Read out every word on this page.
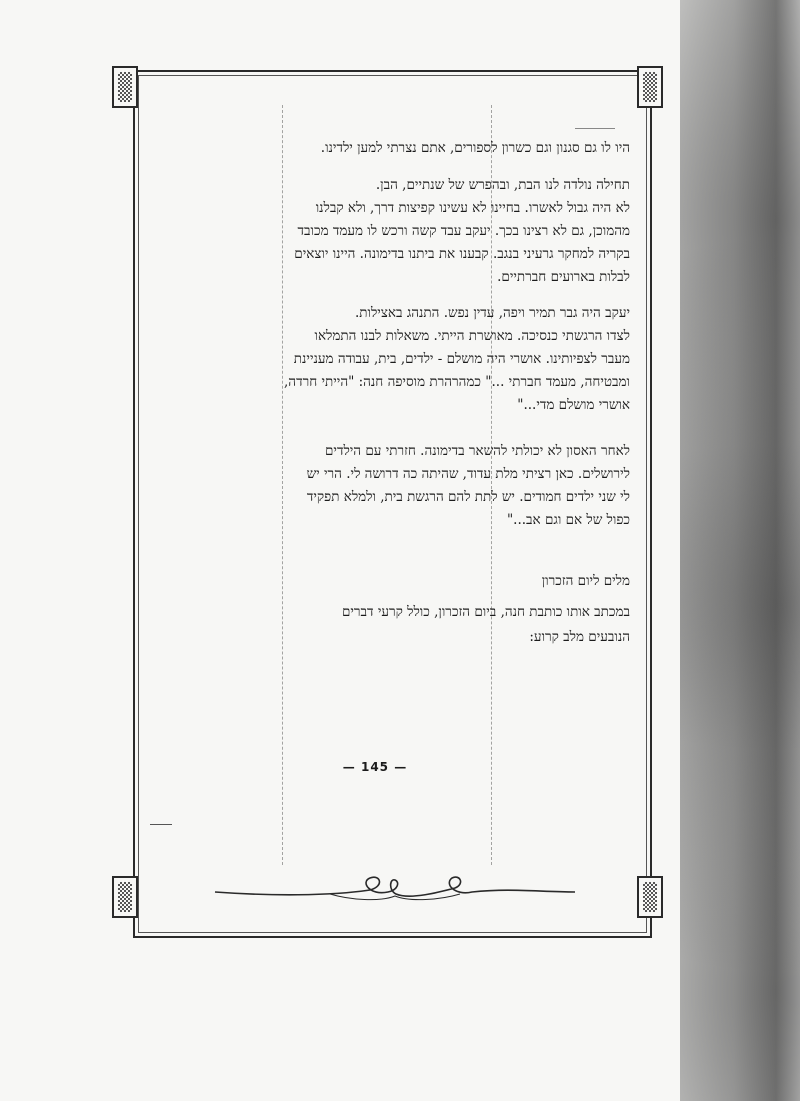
היו לו גם סגנון וגם כשרון לספורים, אתם נצרתי למען ילדינו.
תחילה נולדה לנו הבת, ובהפרש של שנתיים, הבן.
לא היה גבול לאשרו. בחיינו לא עשינו קפיצות דרך, ולא קבלנו
מהמוכן, גם לא רצינו בכך. יעקב עבד קשה ורכש לו מעמד מכובד
בקריה למחקר גרעיני בנגב. קבענו את ביתנו בדימונה. היינו יוצאים
לבלות בארועים חברתיים.
יעקב היה גבר תמיר ויפה, עדין נפש. התנהג באצילות.
לצדו הרגשתי כנסיכה. מאושרת הייתי. משאלות לבנו התמלאו
מעבר לצפיותינו. אושרי היה מושלם - ילדים, בית, עבודה מעניינת
ומבטיחה, מעמד חברתי ..." כמהרהרת מוסיפה חנה: "הייתי חרדה,
אושרי מושלם מדי..."
לאחר האסון לא יכולתי להשאר בדימונה. חזרתי עם הילדים
לירושלים. כאן רציתי מלת עדוד, שהיתה כה דרושה לי. הרי יש
לי שני ילדים חמודים. יש לתת להם הרגשת בית, ולמלא תפקיד
כפול של אם וגם אב..."
מלים ליום הזכרון
במכתב אותו כותבת חנה, ביום הזכרון, כולל קרעי דברים
הנובעים מלב קרוע:
— 145 —
